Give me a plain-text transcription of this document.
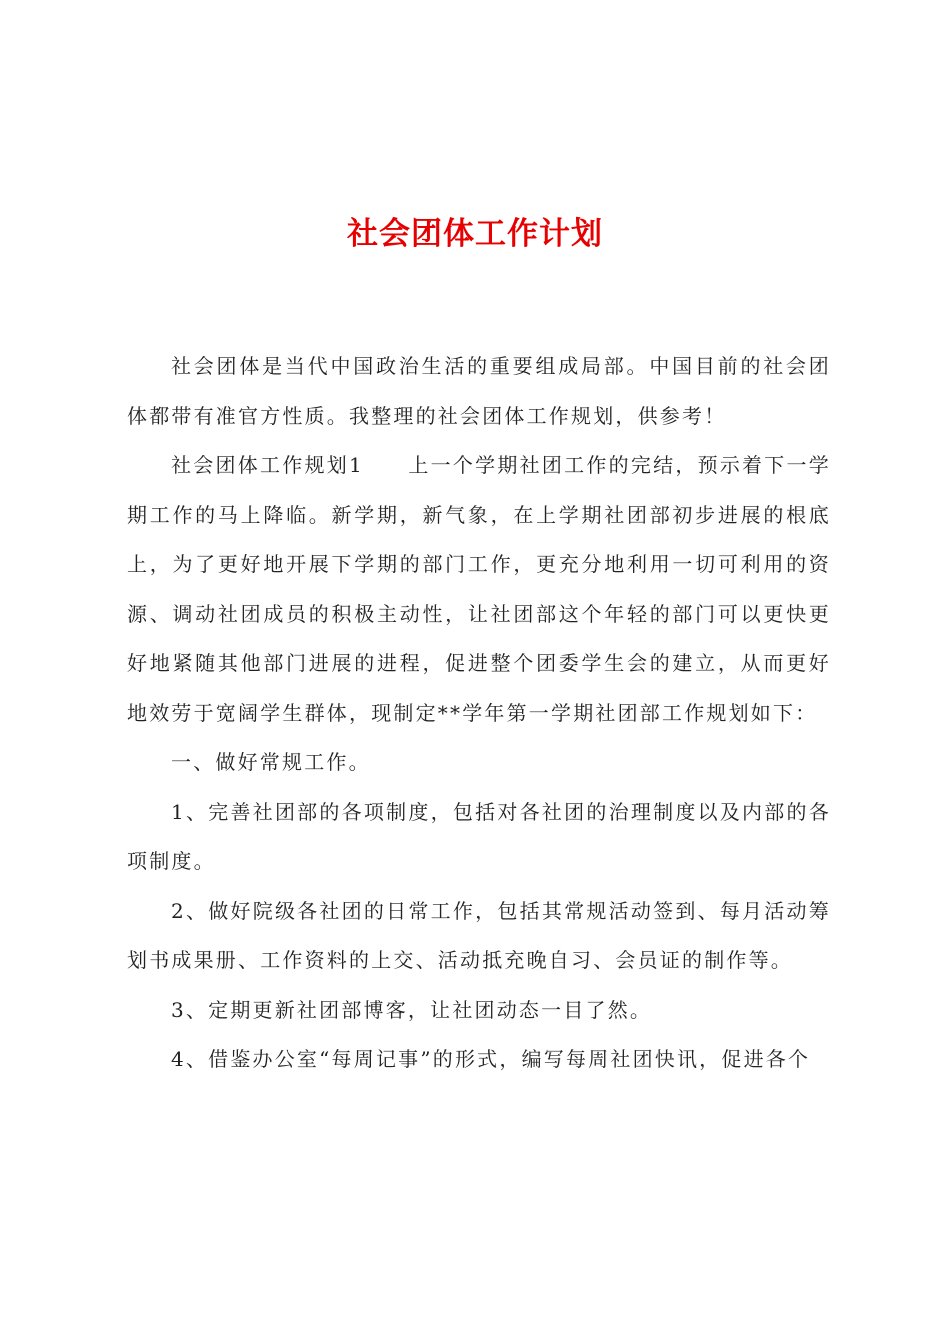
社会团体工作计划

社会团体是当代中国政治生活的重要组成局部。中国目前的社会团体都带有准官方性质。我整理的社会团体工作规划，供参考！

社会团体工作规划1　　上一个学期社团工作的完结，预示着下一学期工作的马上降临。新学期，新气象，在上学期社团部初步进展的根底上，为了更好地开展下学期的部门工作，更充分地利用一切可利用的资源、调动社团成员的积极主动性，让社团部这个年轻的部门可以更快更好地紧随其他部门进展的进程，促进整个团委学生会的建立，从而更好地效劳于宽阔学生群体，现制定**学年第一学期社团部工作规划如下：

一、做好常规工作。

1、完善社团部的各项制度，包括对各社团的治理制度以及内部的各项制度。

2、做好院级各社团的日常工作，包括其常规活动签到、每月活动筹划书成果册、工作资料的上交、活动抵充晚自习、会员证的制作等。

3、定期更新社团部博客，让社团动态一目了然。

4、借鉴办公室“每周记事”的形式，编写每周社团快讯，促进各个
